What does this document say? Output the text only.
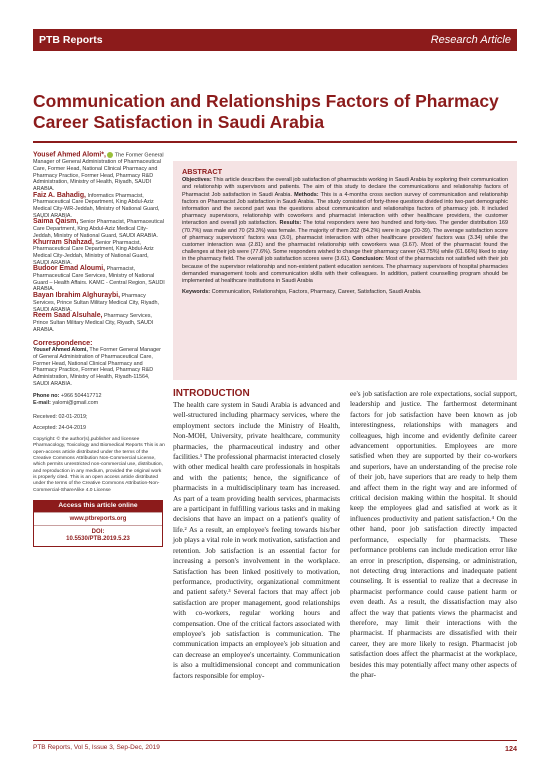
PTB Reports	Research Article
Communication and Relationships Factors of Pharmacy Career Satisfaction in Saudi Arabia
Yousef Ahmed Alomi*, The Former General Manager of General Administration of Pharmaceutical Care, Former Head, National Clinical Pharmacy and Pharmacy Practice, Former Head, Pharmacy R&D Administration, Ministry of Health, Riyadh, SAUDI ARABIA.
Faiz A. Bahadig, Informatics Pharmacist, Pharmaceutical Care Department, King Abdul-Aziz Medical City-WR-Jeddah, Ministry of National Guard, SAUDI ARABIA.
Saima Qaism, Senior Pharmacist, Pharmaceutical Care Department, King Abdul-Aziz Medical City-Jeddah, Ministry of National Guard, SAUDI ARABIA.
Khurram Shahzad, Senior Pharmacist, Pharmaceutical Care Department, King Abdul-Aziz Medical City-Jeddah, Ministry of National Guard, SAUDI ARABIA.
Budoor Emad Aloumi, Pharmacist, Pharmaceutical Care Services, Ministry of National Guard – Health Affairs. KAMC - Central Region, SAUDI ARABIA.
Bayan Ibrahim Alghuraybi, Pharmacy Services, Prince Sultan Military Medical City, Riyadh, SAUDI ARABIA.
Reem Saad Alsuhale, Pharmacy Services, Prince Sultan Military Medical City, Riyadh, SAUDI ARABIA.
Correspondence:
Yousef Ahmed Alomi, The Former General Manager of General Administration of Pharmaceutical Care, Former Head, National Clinical Pharmacy and Pharmacy Practice, Former Head, Pharmacy R&D Administration, Ministry of Health, Riyadh-11564, SAUDI ARABIA.
Phone no: +966 504417712
E-mail: yalomi@gmail.com
Received: 02-01-2019;
Accepted: 24-04-2019
Copyright: © the author(s),publisher and licensee Pharmacology, Toxicology and Biomedical Reports This is an open-access article distributed under the terms of the Creative Commons Attribution Non-Commercial License, which permits unrestricted non-commercial use, distribution, and reproduction in any medium, provided the original work is properly cited. This is an open access article distributed under the terms of the Creative Commons Attribution-Non-Commercial-ShareAlike 4.0 License
Access this article online
www.ptbreports.org
DOI:
10.5530/PTB.2019.5.23
ABSTRACT
Objectives: This article describes the overall job satisfaction of pharmacists working in Saudi Arabia by exploring their communication and relationship with supervisors and patients. The aim of this study to declare the communications and relationship factors of Pharmacist Job satisfaction in Saudi Arabia. Methods: This is a 4-months cross section survey of communication and relationship factors on Pharmacist Job satisfaction in Saudi Arabia. The study consisted of forty-three questions divided into two-part demographic information and the second part was the questions about communication and relationships factors of pharmacy job. It included pharmacy supervisors, relationship with coworkers and pharmacist interaction with other healthcare providers, the customer interaction and overall job satisfaction. Results: The total responders were two hundred and forty-two. The gender distribution 169 (70.7%) was male and 70 (29.3%) was female. The majority of them 202 (84.2%) were in age (20-39). The average satisfaction score of pharmacy supervisors' factors was (3.0), pharmacist interaction with other healthcare providers' factors was (3.34) while the customer interaction was (2.81) and the pharmacist relationship with coworkers was (3.67). Most of the pharmacist found the challenges at their job were (77.6%). Some responders wished to change their pharmacy career (43.75%) while (61.66%) liked to stay in the pharmacy field. The overall job satisfaction scores were (3.61). Conclusion: Most of the pharmacists not satisfied with their job because of the supervisor relationship and non-existent patient education services. The pharmacy supervisors of hospital pharmacies demanded management tools and communication skills with their colleagues. In addition, patient counselling program should be implemented at healthcare institutions in Saudi Arabia
Keywords: Communication, Relationships, Factors, Pharmacy, Career, Satisfaction, Saudi Arabia.
INTRODUCTION

The health care system in Saudi Arabia is advanced and well-structured including pharmacy services, where the employment sectors include the Ministry of Health, Non-MOH, University, private healthcare, community pharmacies, the pharmaceutical industry and other facilities.¹ The professional pharmacist interacted closely with other medical health care professionals in hospitals and with the patients; hence, the significance of pharmacists in a multidisciplinary team has increased. As part of a team providing health services, pharmacists are a participant in fulfilling various tasks and in making decisions that have an impact on a patient's quality of life.² As a result, an employee's feeling towards his/her job plays a vital role in work motivation, satisfaction and retention. Job satisfaction is an essential factor for increasing a person's involvement in the workplace. Satisfaction has been linked positively to motivation, performance, productivity, organizational commitment and patient safety.³ Several factors that may affect job satisfaction are proper management, good relationships with co-workers, regular working hours and compensation. One of the critical factors associated with employee's job satisfaction is communication. The communication impacts an employee's job situation and can decrease an employee's uncertainty. Communication is also a multidimensional concept and communication factors responsible for employ-

ee's job satisfaction are role expectations, social support, leadership and justice. The farthermost determinant factors for job satisfaction have been known as job interestingness, relationships with managers and colleagues, high income and evidently definite career advancement opportunities. Employees are more satisfied when they are supported by their co-workers and superiors, have an understanding of the precise role of their job, have superiors that are ready to help them and affect them in the right way and are informed of critical decision making within the hospital. It should keep the employees glad and satisfied at work as it influences productivity and patient satisfaction.⁴ On the other hand, poor job satisfaction directly impacted performance, especially for pharmacists. These performance problems can include medication error like an error in prescription, dispensing, or administration, not detecting drug interactions and inadequate patient counseling. It is essential to realize that a decrease in pharmacist performance could cause patient harm or even death. As a result, the dissatisfaction may also affect the way that patients views the pharmacist and therefore, may limit their interactions with the pharmacist. If pharmacists are dissatisfied with their career, they are more likely to resign. Pharmacist job satisfaction does affect the pharmacist at the workplace, besides this may potentially affect many other aspects of the phar-

PTB Reports, Vol 5, Issue 3, Sep-Dec, 2019	124
